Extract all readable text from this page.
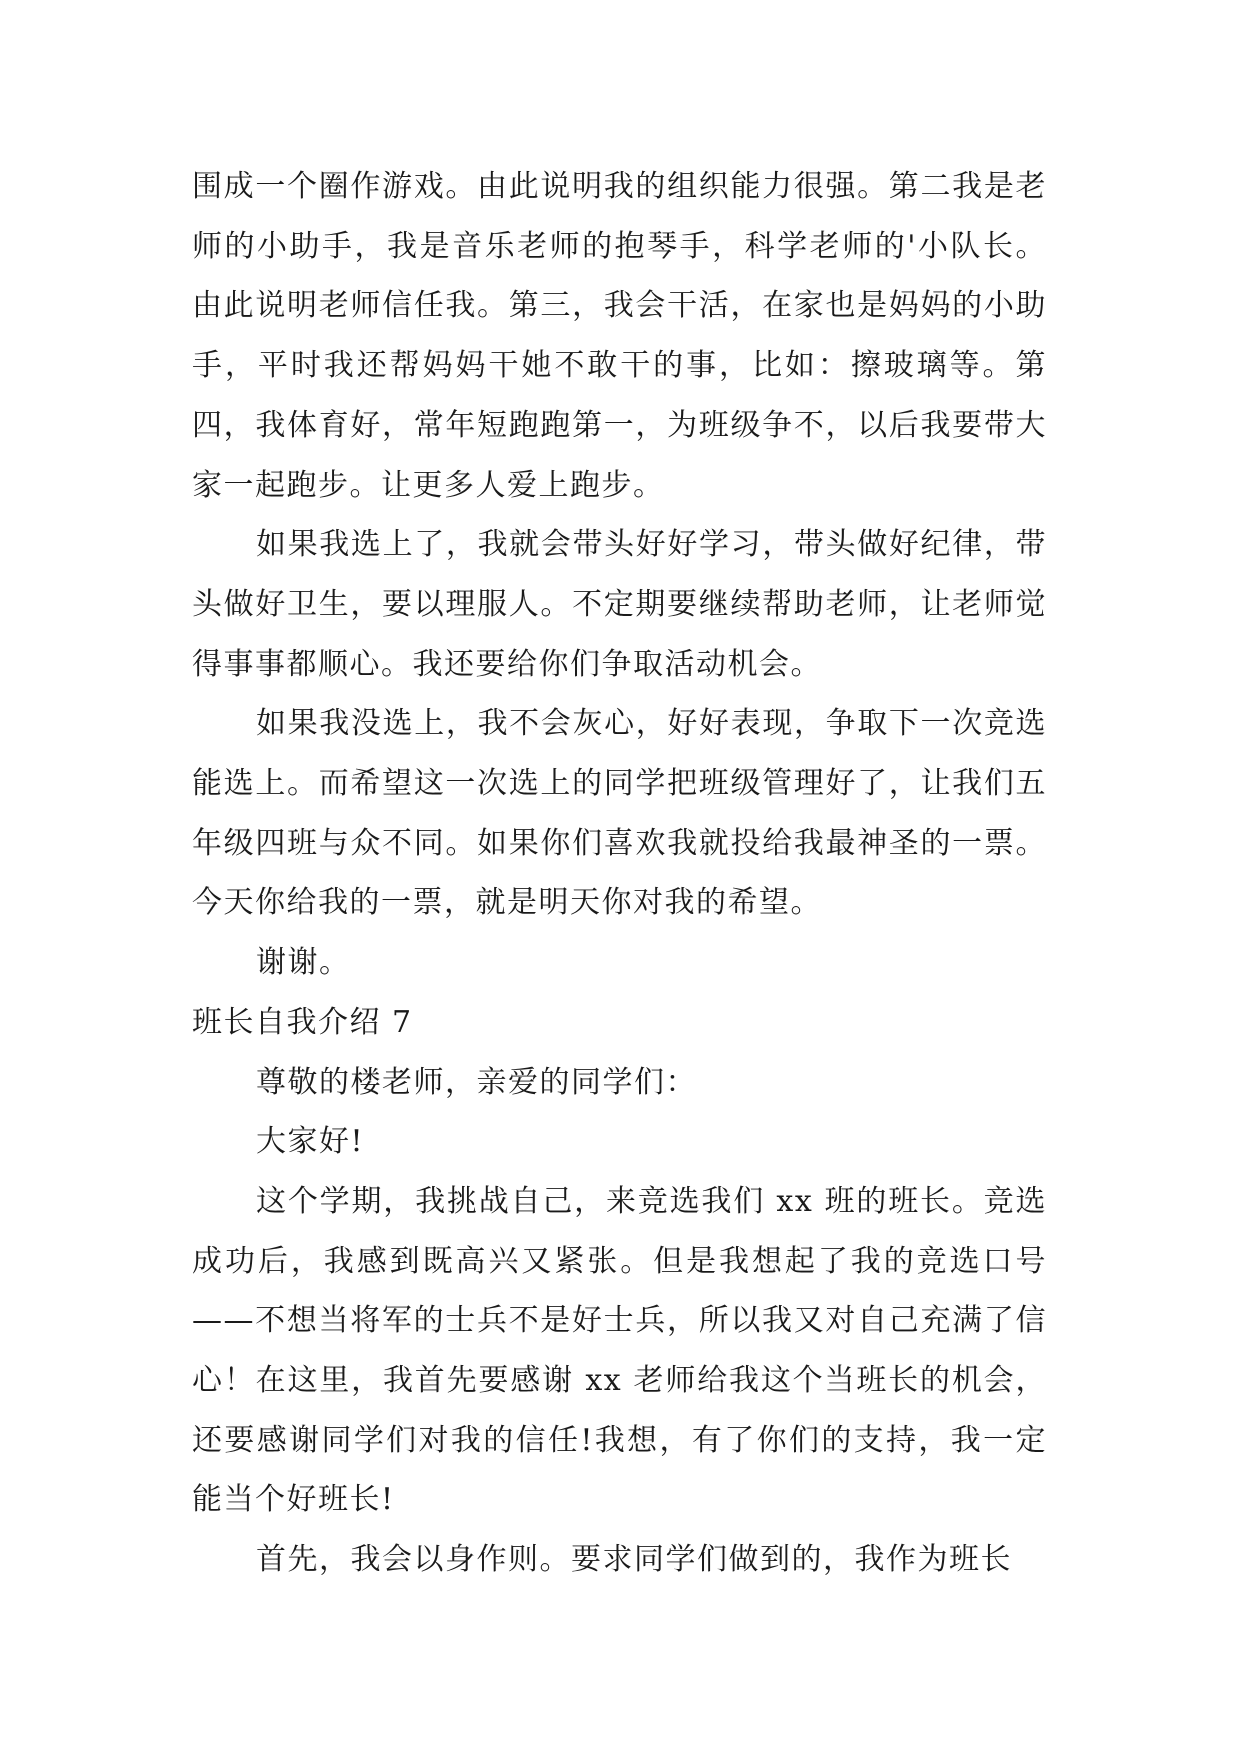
围成一个圈作游戏。由此说明我的组织能力很强。第二我是老师的小助手，我是音乐老师的抱琴手，科学老师的'小队长。由此说明老师信任我。第三，我会干活，在家也是妈妈的小助手，平时我还帮妈妈干她不敢干的事，比如：擦玻璃等。第四，我体育好，常年短跑跑第一，为班级争不，以后我要带大家一起跑步。让更多人爱上跑步。

如果我选上了，我就会带头好好学习，带头做好纪律，带头做好卫生，要以理服人。不定期要继续帮助老师，让老师觉得事事都顺心。我还要给你们争取活动机会。

如果我没选上，我不会灰心，好好表现，争取下一次竞选能选上。而希望这一次选上的同学把班级管理好了，让我们五年级四班与众不同。如果你们喜欢我就投给我最神圣的一票。今天你给我的一票，就是明天你对我的希望。

谢谢。

班长自我介绍 7

尊敬的楼老师，亲爱的同学们：

大家好!

这个学期，我挑战自己，来竞选我们 xx 班的班长。竞选成功后，我感到既高兴又紧张。但是我想起了我的竞选口号——不想当将军的士兵不是好士兵，所以我又对自己充满了信心！在这里，我首先要感谢 xx 老师给我这个当班长的机会，还要感谢同学们对我的信任!我想，有了你们的支持，我一定能当个好班长!

首先，我会以身作则。要求同学们做到的，我作为班长
